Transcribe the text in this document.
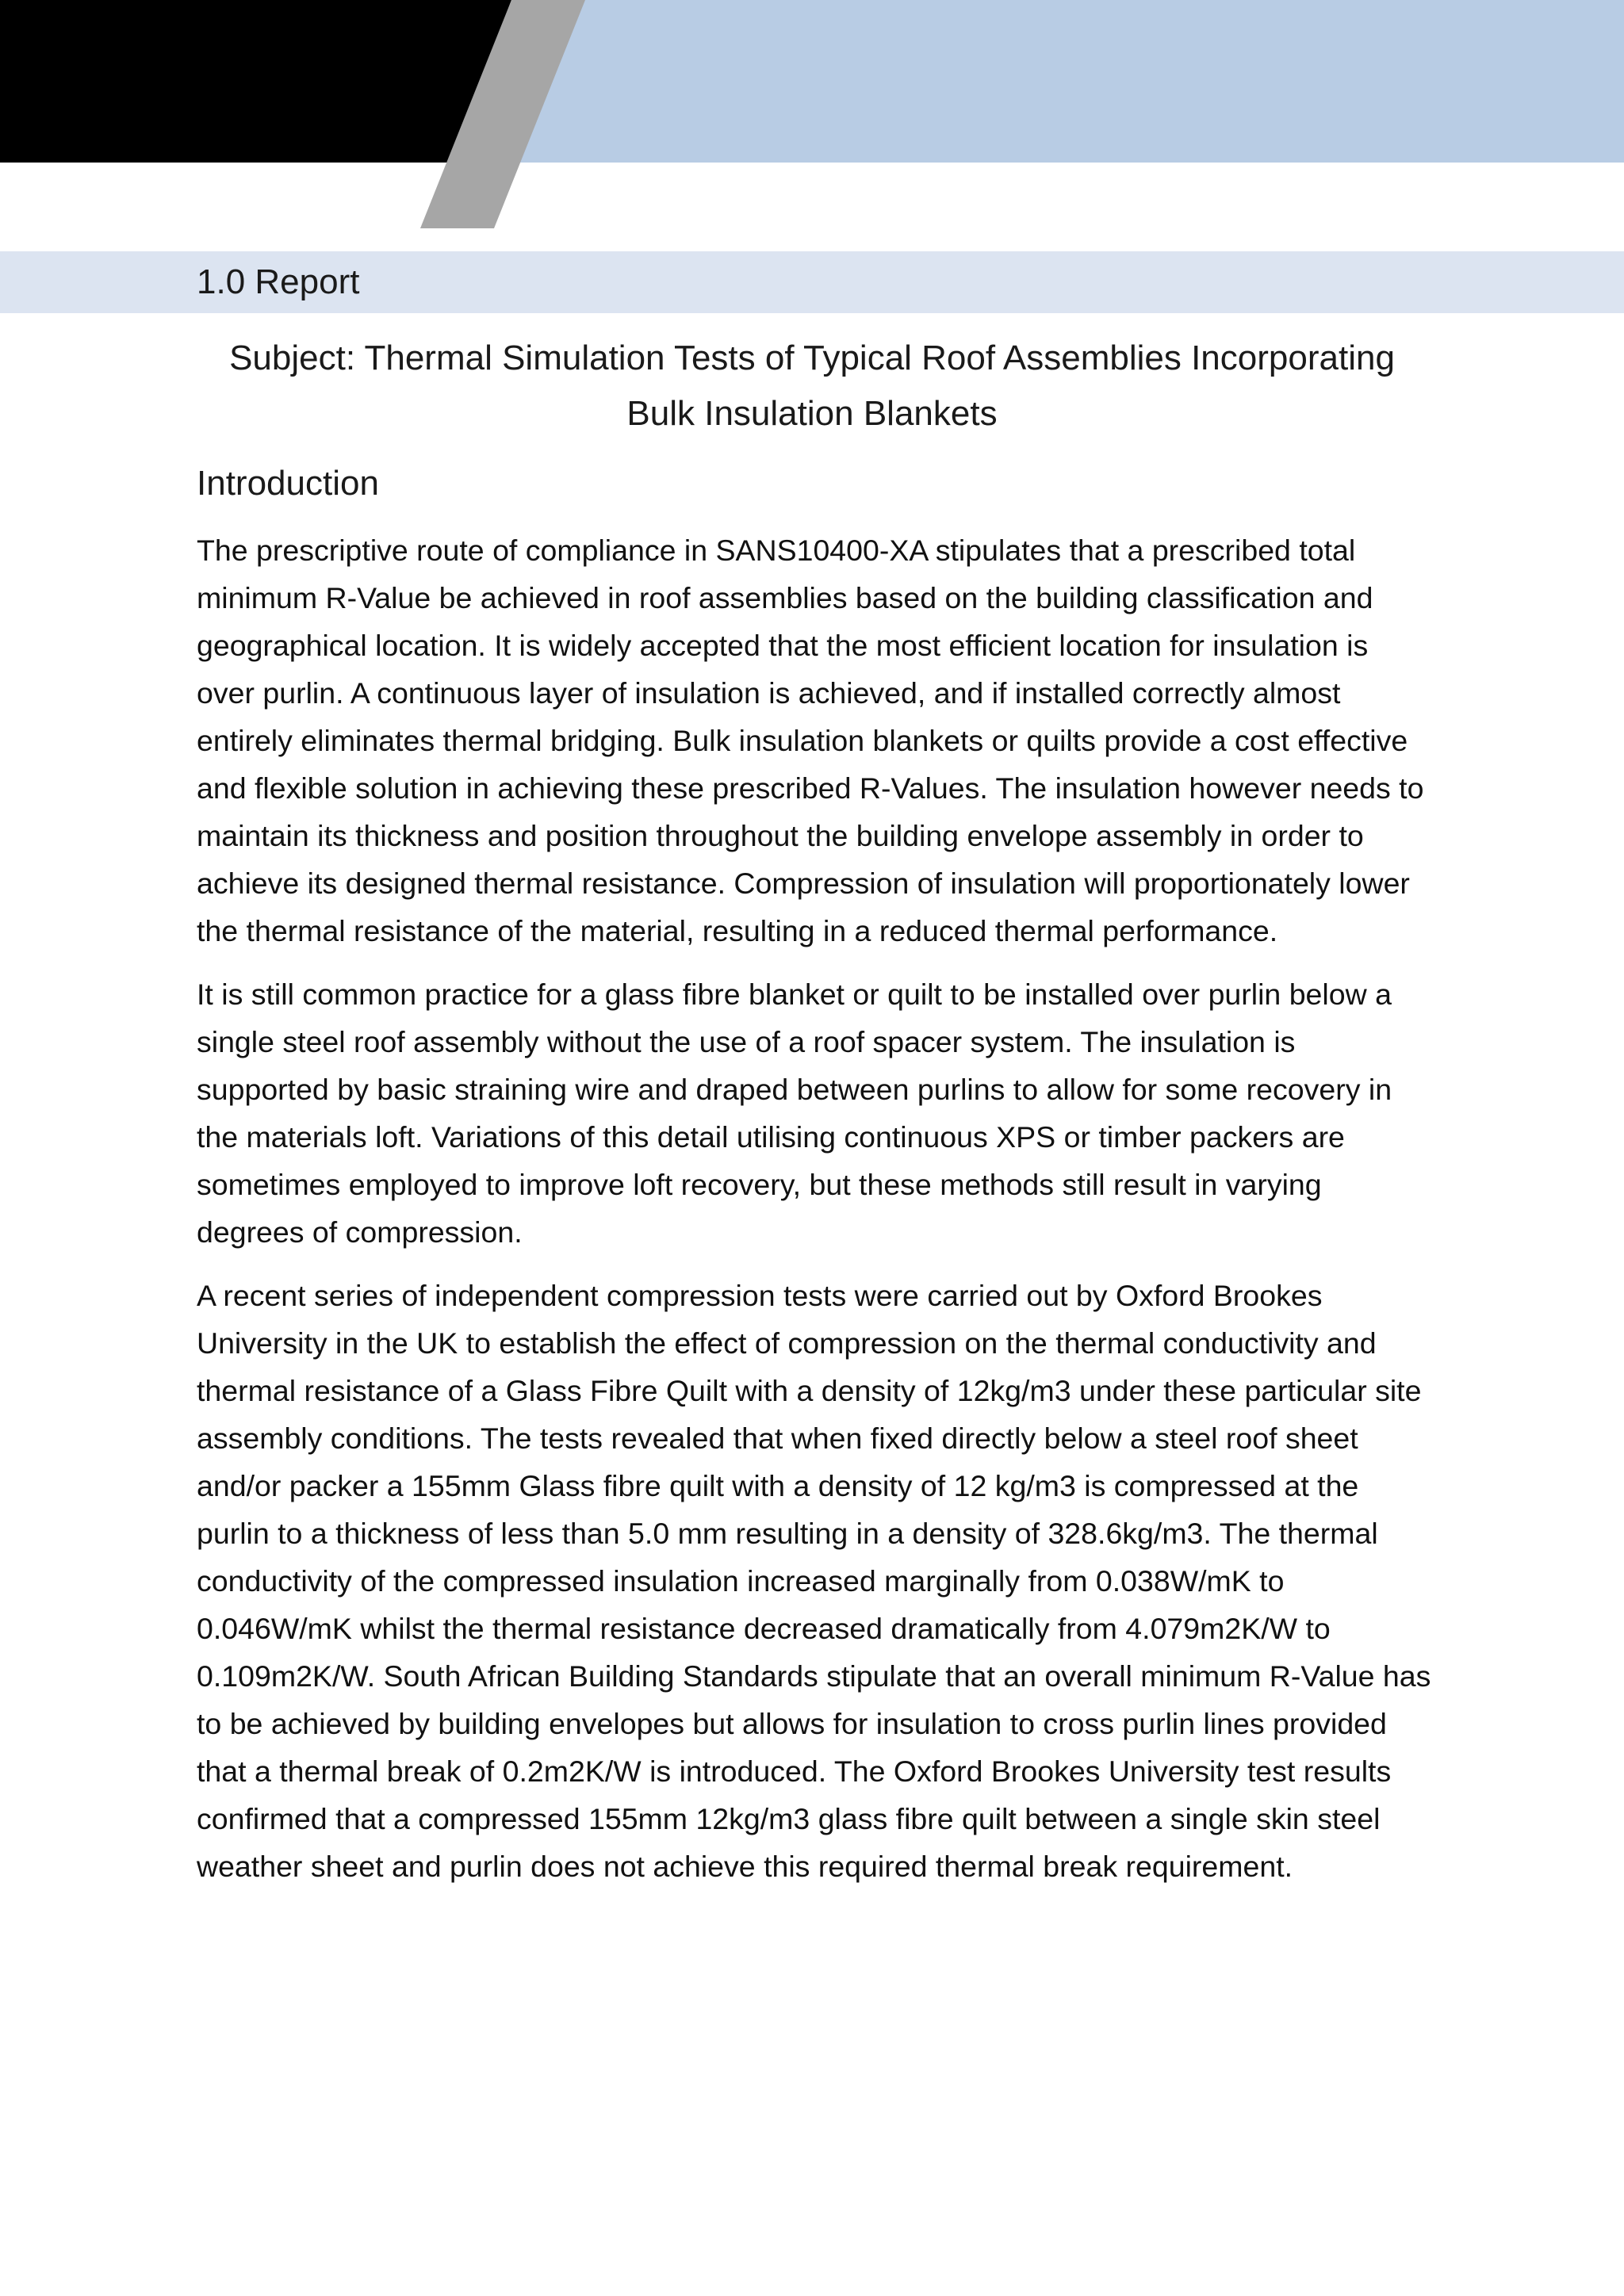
1.0 Report
Subject: Thermal Simulation Tests of Typical Roof Assemblies Incorporating
Bulk Insulation Blankets
Introduction

The prescriptive route of compliance in SANS10400-XA stipulates that a prescribed total minimum R-Value be achieved in roof assemblies based on the building classification and geographical location. It is widely accepted that the most efficient location for insulation is over purlin. A continuous layer of insulation is achieved, and if installed correctly almost entirely eliminates thermal bridging. Bulk insulation blankets or quilts provide a cost effective and flexible solution in achieving these prescribed R-Values. The insulation however needs to maintain its thickness and position throughout the building envelope assembly in order to achieve its designed thermal resistance. Compression of insulation will proportionately lower the thermal resistance of the material, resulting in a reduced thermal performance.

It is still common practice for a glass fibre blanket or quilt to be installed over purlin below a single steel roof assembly without the use of a roof spacer system. The insulation is supported by basic straining wire and draped between purlins to allow for some recovery in the materials loft. Variations of this detail utilising continuous XPS or timber packers are sometimes employed to improve loft recovery, but these methods still result in varying degrees of compression.

A recent series of independent compression tests were carried out by Oxford Brookes University in the UK to establish the effect of compression on the thermal conductivity and thermal resistance of a Glass Fibre Quilt with a density of 12kg/m3 under these particular site assembly conditions. The tests revealed that when fixed directly below a steel roof sheet and/or packer a 155mm Glass fibre quilt with a density of 12 kg/m3 is compressed at the purlin to a thickness of less than 5.0 mm resulting in a density of 328.6kg/m3. The thermal conductivity of the compressed insulation increased marginally from 0.038W/mK to 0.046W/mK whilst the thermal resistance decreased dramatically from 4.079m2K/W to 0.109m2K/W. South African Building Standards stipulate that an overall minimum R-Value has to be achieved by building envelopes but allows for insulation to cross purlin lines provided that a thermal break of 0.2m2K/W is introduced. The Oxford Brookes University test results confirmed that a compressed 155mm 12kg/m3 glass fibre quilt between a single skin steel weather sheet and purlin does not achieve this required thermal break requirement.
